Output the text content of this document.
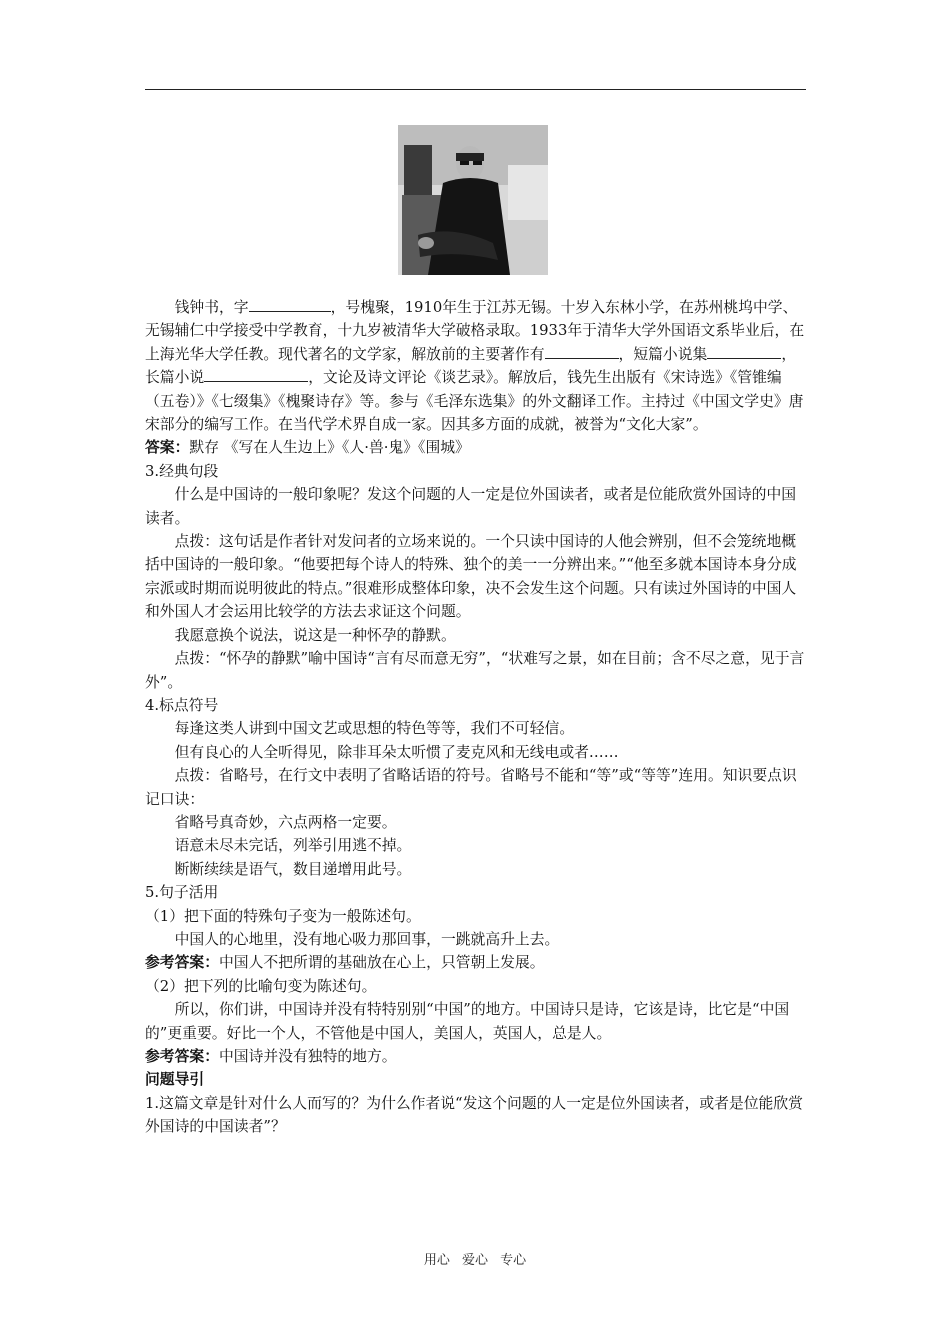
钱钟书，字	，号槐聚，1910年生于江苏无锡。十岁入东林小学，在苏州桃坞中学、无锡辅仁中学接受中学教育，十九岁被清华大学破格录取。1933年于清华大学外国语文系毕业后，在上海光华大学任教。现代著名的文学家，解放前的主要著作有	，短篇小说集	，长篇小说	，文论及诗文评论《谈艺录》。解放后，钱先生出版有《宋诗选》《管锥编（五卷）》《七缀集》《槐聚诗存》等。参与《毛泽东选集》的外文翻译工作。主持过《中国文学史》唐宋部分的编写工作。在当代学术界自成一家。因其多方面的成就，被誉为“文化大家”。

答案：默存 《写在人生边上》《人·兽·鬼》《围城》

3.经典句段

什么是中国诗的一般印象呢？发这个问题的人一定是位外国读者，或者是位能欣赏外国诗的中国读者。

点拨：这句话是作者针对发问者的立场来说的。一个只读中国诗的人他会辨别，但不会笼统地概括中国诗的一般印象。“他要把每个诗人的特殊、独个的美一一分辨出来。”“他至多就本国诗本身分成宗派或时期而说明彼此的特点。”很难形成整体印象，决不会发生这个问题。只有读过外国诗的中国人和外国人才会运用比较学的方法去求证这个问题。

我愿意换个说法，说这是一种怀孕的静默。

点拨：“怀孕的静默”喻中国诗“言有尽而意无穷”，“状难写之景，如在目前；含不尽之意，见于言外”。

4.标点符号

每逢这类人讲到中国文艺或思想的特色等等，我们不可轻信。

但有良心的人全听得见，除非耳朵太听惯了麦克风和无线电或者……

点拨：省略号，在行文中表明了省略话语的符号。省略号不能和“等”或“等等”连用。知识要点识记口诀：

省略号真奇妙，六点两格一定要。

语意未尽未完话，列举引用逃不掉。

断断续续是语气，数目递增用此号。

5.句子活用

（1）把下面的特殊句子变为一般陈述句。

中国人的心地里，没有地心吸力那回事，一跳就高升上去。

参考答案：中国人不把所谓的基础放在心上，只管朝上发展。

（2）把下列的比喻句变为陈述句。

所以，你们讲，中国诗并没有特特别别“中国”的地方。中国诗只是诗，它该是诗，比它是“中国的”更重要。好比一个人，不管他是中国人，美国人，英国人，总是人。

参考答案：中国诗并没有独特的地方。

问题导引

1.这篇文章是针对什么人而写的？为什么作者说“发这个问题的人一定是位外国读者，或者是位能欣赏外国诗的中国读者”？

用心 爱心 专心
